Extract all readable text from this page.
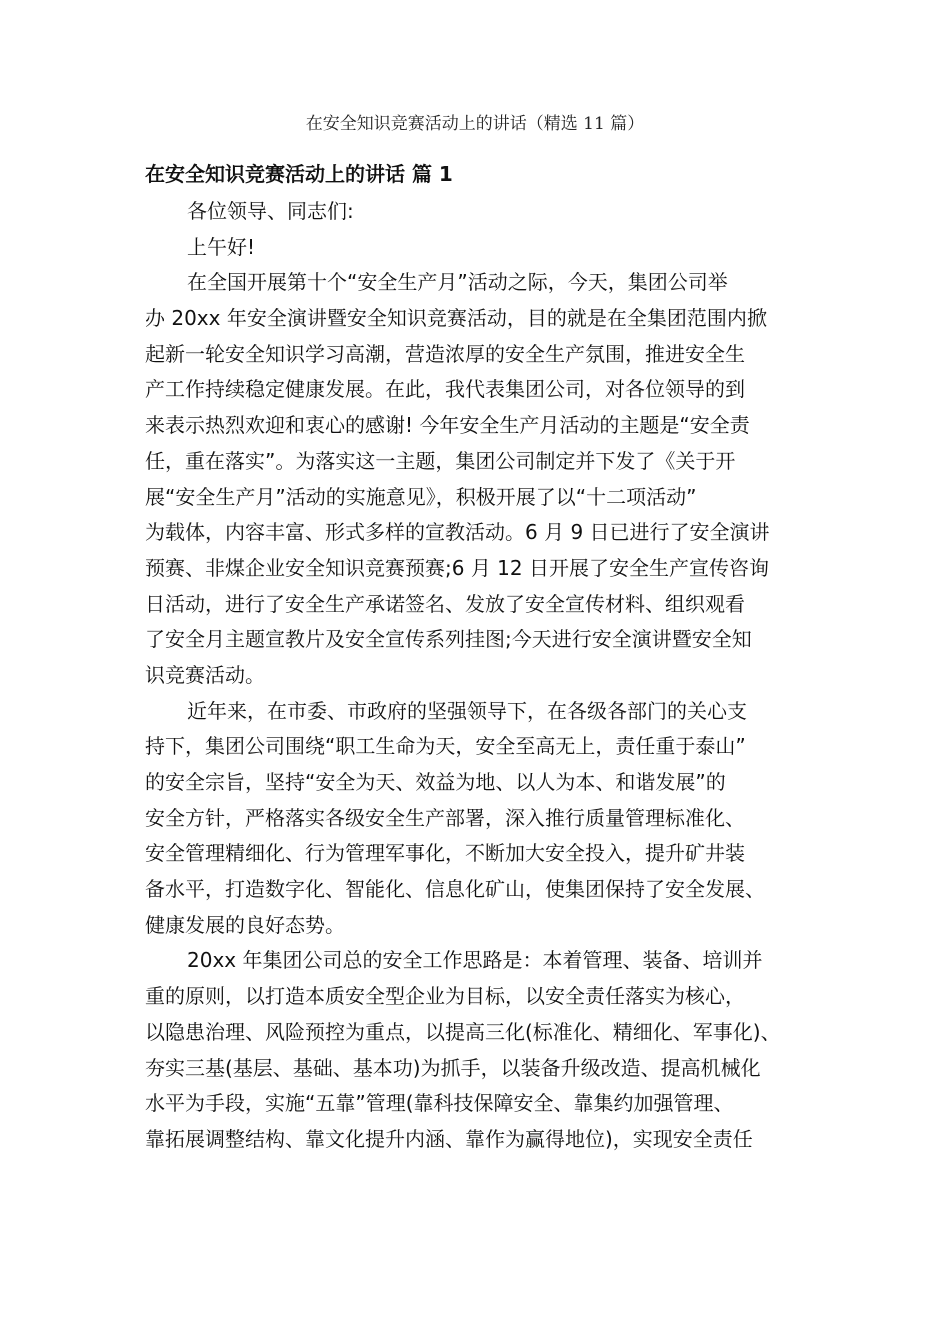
在安全知识竞赛活动上的讲话（精选 11 篇）
在安全知识竞赛活动上的讲话 篇 1
各位领导、同志们:
上午好!
在全国开展第十个“安全生产月”活动之际，今天，集团公司举
办 20xx 年安全演讲暨安全知识竞赛活动，目的就是在全集团范围内掀
起新一轮安全知识学习高潮，营造浓厚的安全生产氛围，推进安全生
产工作持续稳定健康发展。在此，我代表集团公司，对各位领导的到
来表示热烈欢迎和衷心的感谢! 今年安全生产月活动的主题是“安全责
任，重在落实”。为落实这一主题，集团公司制定并下发了《关于开
展“安全生产月”活动的实施意见》，积极开展了以“十二项活动”
为载体，内容丰富、形式多样的宣教活动。6 月 9 日已进行了安全演讲
预赛、非煤企业安全知识竞赛预赛;6 月 12 日开展了安全生产宣传咨询
日活动，进行了安全生产承诺签名、发放了安全宣传材料、组织观看
了安全月主题宣教片及安全宣传系列挂图;今天进行安全演讲暨安全知
识竞赛活动。
近年来，在市委、市政府的坚强领导下，在各级各部门的关心支
持下，集团公司围绕“职工生命为天，安全至高无上，责任重于泰山”
的安全宗旨，坚持“安全为天、效益为地、以人为本、和谐发展”的
安全方针，严格落实各级安全生产部署，深入推行质量管理标准化、
安全管理精细化、行为管理军事化，不断加大安全投入，提升矿井装
备水平，打造数字化、智能化、信息化矿山，使集团保持了安全发展、
健康发展的良好态势。
20xx 年集团公司总的安全工作思路是：本着管理、装备、培训并
重的原则，以打造本质安全型企业为目标，以安全责任落实为核心，
以隐患治理、风险预控为重点，以提高三化(标准化、精细化、军事化)、
夯实三基(基层、基础、基本功)为抓手，以装备升级改造、提高机械化
水平为手段，实施“五靠”管理(靠科技保障安全、靠集约加强管理、
靠拓展调整结构、靠文化提升内涵、靠作为赢得地位)，实现安全责任
